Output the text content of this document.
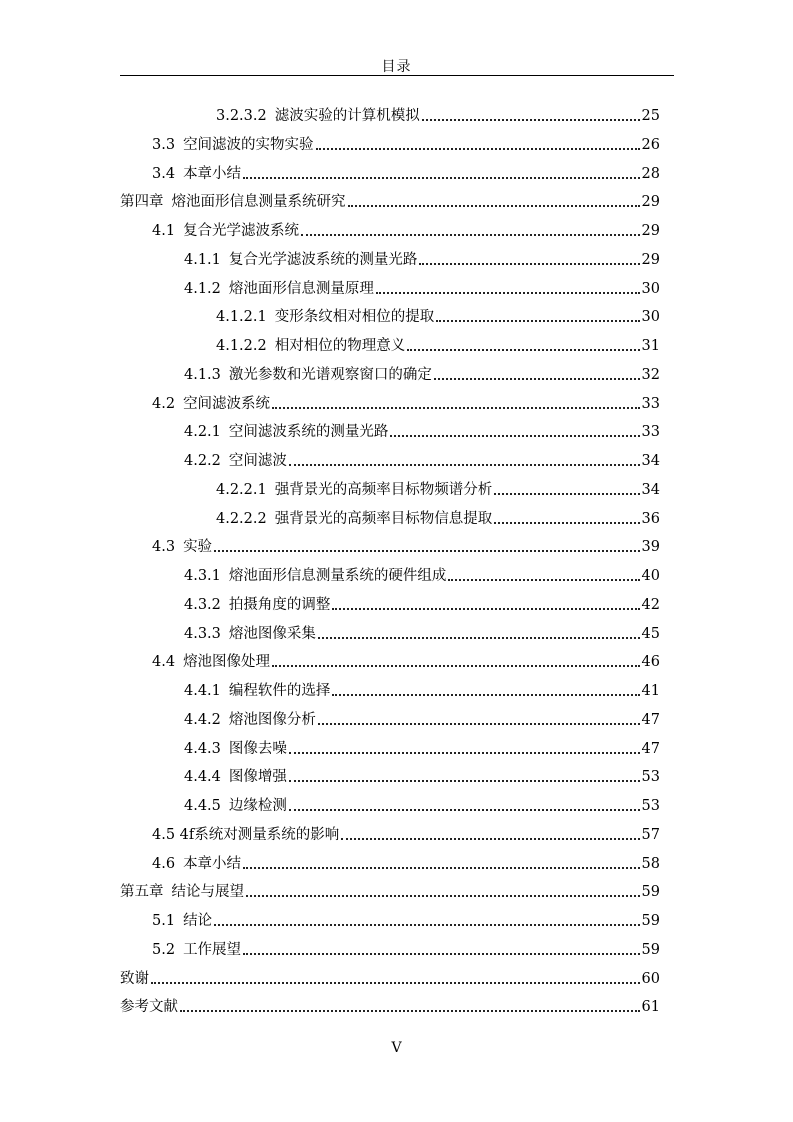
目录
3.2.3.2 滤波实验的计算机模拟	25
3.3 空间滤波的实物实验	26
3.4 本章小结	28
第四章 熔池面形信息测量系统研究	29
4.1 复合光学滤波系统	29
4.1.1 复合光学滤波系统的测量光路	29
4.1.2 熔池面形信息测量原理	30
4.1.2.1 变形条纹相对相位的提取	30
4.1.2.2 相对相位的物理意义	31
4.1.3 激光参数和光谱观察窗口的确定	32
4.2 空间滤波系统	33
4.2.1 空间滤波系统的测量光路	33
4.2.2 空间滤波	34
4.2.2.1 强背景光的高频率目标物频谱分析	34
4.2.2.2 强背景光的高频率目标物信息提取	36
4.3 实验	39
4.3.1 熔池面形信息测量系统的硬件组成	40
4.3.2 拍摄角度的调整	42
4.3.3 熔池图像采集	45
4.4 熔池图像处理	46
4.4.1 编程软件的选择	41
4.4.2 熔池图像分析	47
4.4.3 图像去噪	47
4.4.4 图像增强	53
4.4.5 边缘检测	53
4.5 4f 系统对测量系统的影响	57
4.6 本章小结	58
第五章 结论与展望	59
5.1 结论	59
5.2 工作展望	59
致谢	60
参考文献	61
V
